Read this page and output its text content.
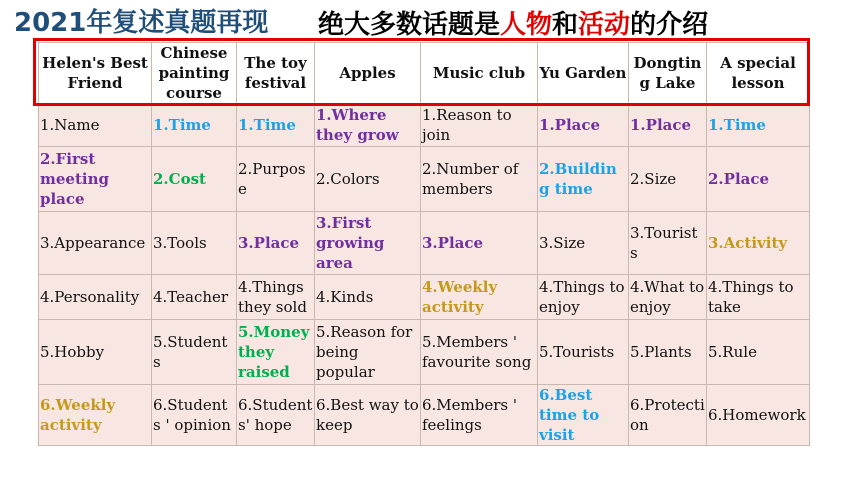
2021年复述真题再现 绝大多数话题是人物和活动的介绍
Helen's Best Friend	Chinese painting course	The toy festival	Apples	Music club	Yu Garden	Dongting Lake	A special lesson
1.Name	1.Time	1.Time	1.Where they grow	1.Reason to join	1.Place	1.Place	1.Time
2.First meeting place	2.Cost	2.Purpose	2.Colors	2.Number of members	2.Building time	2.Size	2.Place
3.Appearance	3.Tools	3.Place	3.First growing area	3.Place	3.Size	3.Tourists	3.Activity
4.Personality	4.Teacher	4.Things they sold	4.Kinds	4.Weekly activity	4.Things to enjoy	4.What to enjoy	4.Things to take
5.Hobby	5.Students	5.Money they raised	5.Reason for being popular	5.Members ' favourite song	5.Tourists	5.Plants	5.Rule
6.Weekly activity	6.Students ' opinion	6.Student s' hope	6.Best way to keep	6.Members ' feelings	6.Best time to visit	6.Protecti on	6.Homework
